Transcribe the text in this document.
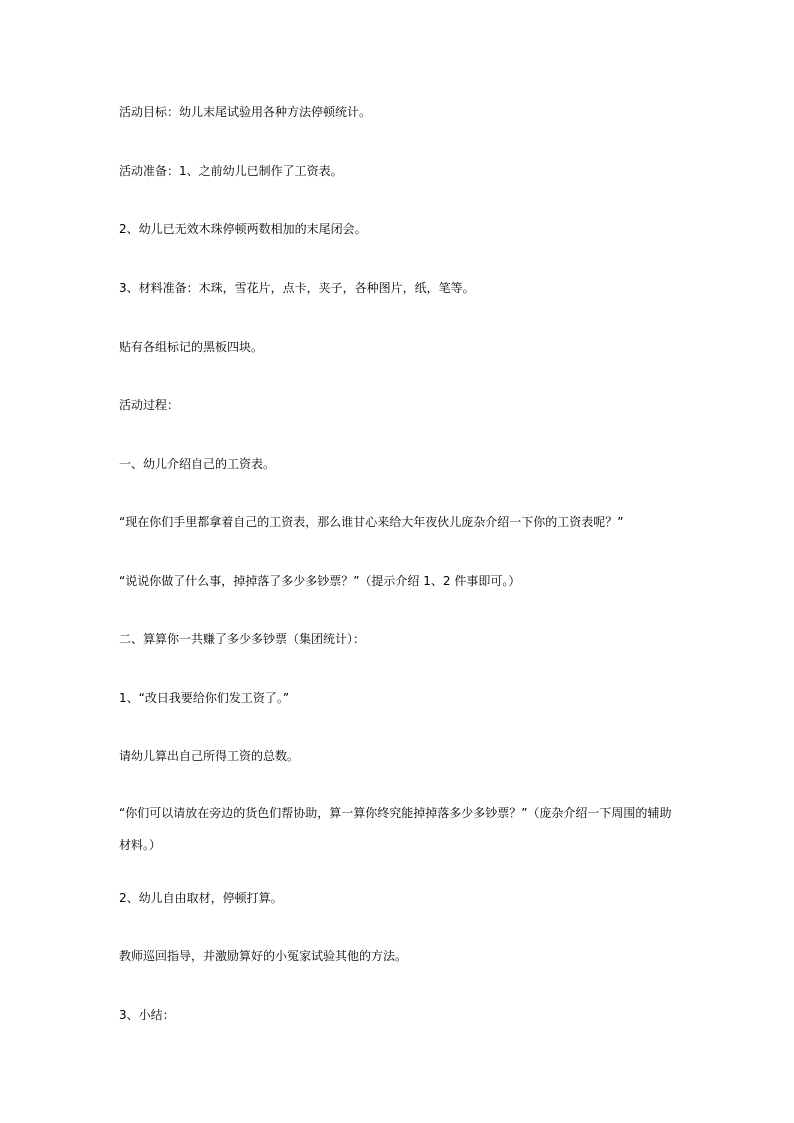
活动目标：幼儿末尾试验用各种方法停顿统计。
活动准备：1、之前幼儿已制作了工资表。
2、幼儿已无效木珠停顿两数相加的末尾闭会。
3、材料准备：木珠，雪花片，点卡，夹子，各种图片，纸，笔等。
贴有各组标记的黑板四块。
活动过程：
一、幼儿介绍自己的工资表。
“现在你们手里都拿着自己的工资表，那么谁甘心来给大年夜伙儿庞杂介绍一下你的工资表呢？”
“说说你做了什么事，掉掉落了多少多钞票？”（提示介绍 1、2 件事即可。）
二、算算你一共赚了多少多钞票（集团统计）：
1、“改日我要给你们发工资了。”
请幼儿算出自己所得工资的总数。
“你们可以请放在旁边的货色们帮协助，算一算你终究能掉掉落多少多钞票？”（庞杂介绍一下周围的辅助材料。）
2、幼儿自由取材，停顿打算。
教师巡回指导，并激励算好的小冤家试验其他的方法。
3、小结：
